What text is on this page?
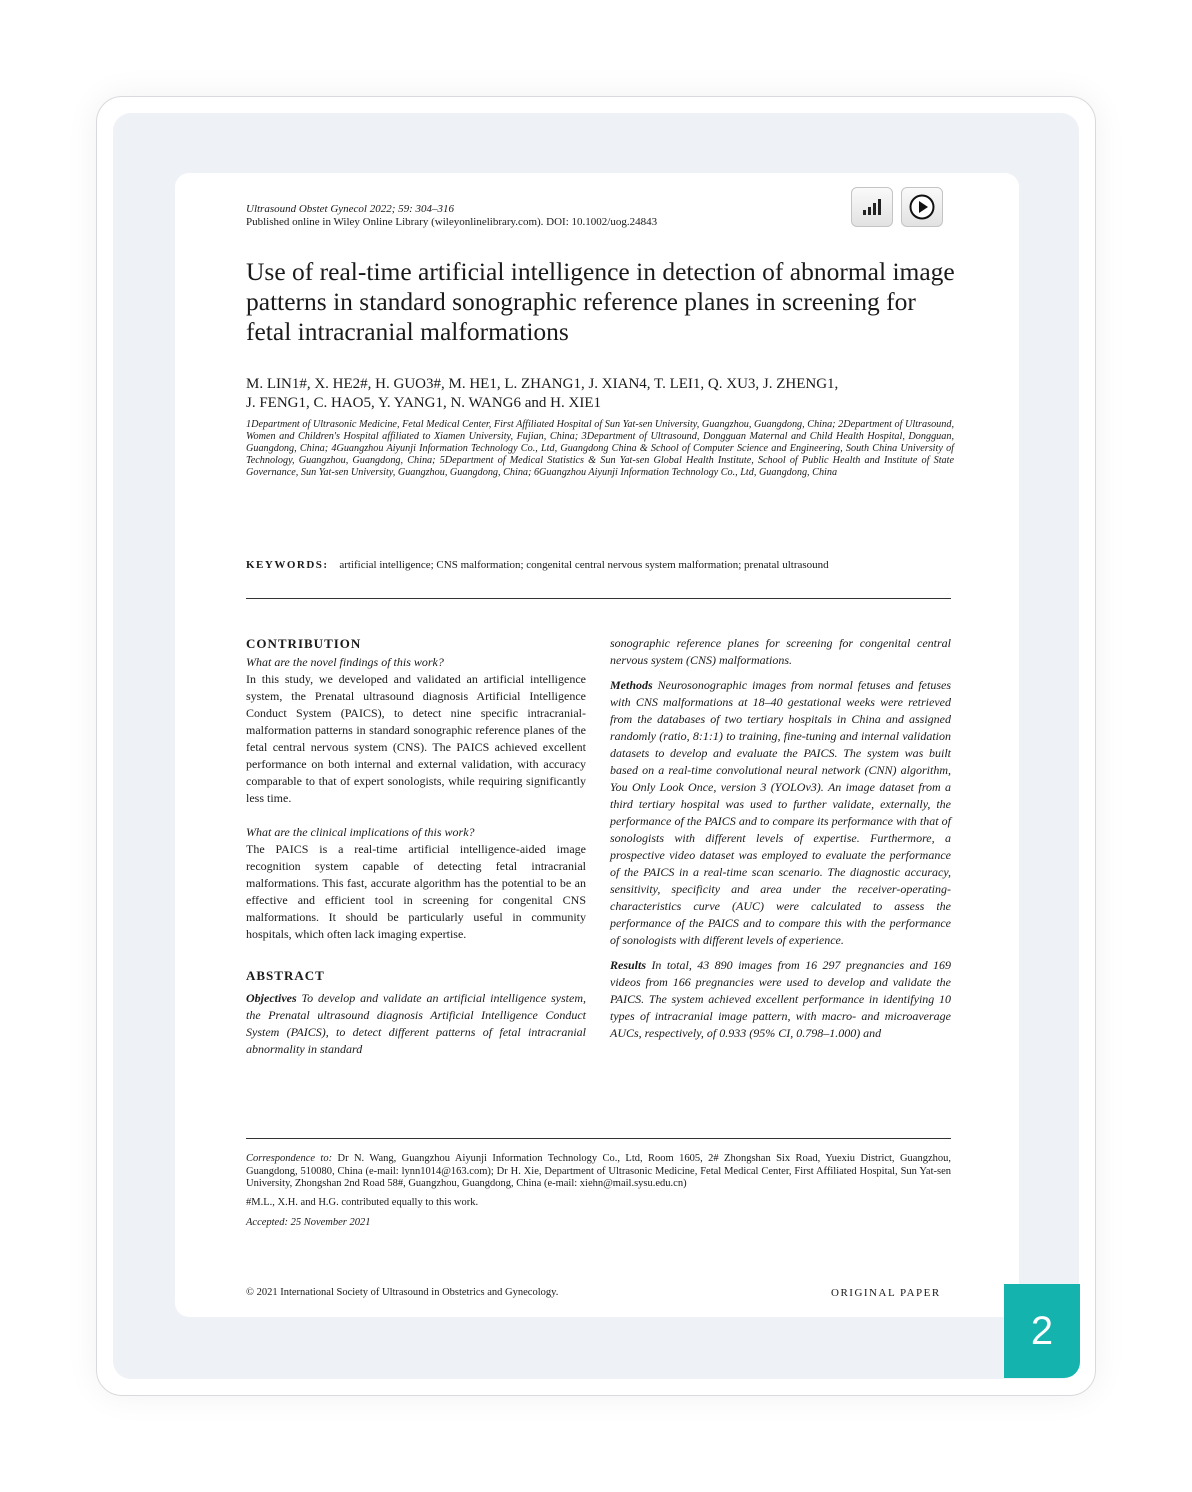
Ultrasound Obstet Gynecol 2022; 59: 304–316
Published online in Wiley Online Library (wileyonlinelibrary.com). DOI: 10.1002/uog.24843
Use of real-time artificial intelligence in detection of abnormal image patterns in standard sonographic reference planes in screening for fetal intracranial malformations
M. LIN1#, X. HE2#, H. GUO3#, M. HE1, L. ZHANG1, J. XIAN4, T. LEI1, Q. XU3, J. ZHENG1,
J. FENG1, C. HAO5, Y. YANG1, N. WANG6 and H. XIE1
1Department of Ultrasonic Medicine, Fetal Medical Center, First Affiliated Hospital of Sun Yat-sen University, Guangzhou, Guangdong, China; 2Department of Ultrasound, Women and Children's Hospital affiliated to Xiamen University, Fujian, China; 3Department of Ultrasound, Dongguan Maternal and Child Health Hospital, Dongguan, Guangdong, China; 4Guangzhou Aiyunji Information Technology Co., Ltd, Guangdong China & School of Computer Science and Engineering, South China University of Technology, Guangzhou, Guangdong, China; 5Department of Medical Statistics & Sun Yat-sen Global Health Institute, School of Public Health and Institute of State Governance, Sun Yat-sen University, Guangzhou, Guangdong, China; 6Guangzhou Aiyunji Information Technology Co., Ltd, Guangdong, China
KEYWORDS: artificial intelligence; CNS malformation; congenital central nervous system malformation; prenatal ultrasound
CONTRIBUTION
What are the novel findings of this work?
In this study, we developed and validated an artificial intelligence system, the Prenatal ultrasound diagnosis Artificial Intelligence Conduct System (PAICS), to detect nine specific intracranial-malformation patterns in standard sonographic reference planes of the fetal central nervous system (CNS). The PAICS achieved excellent performance on both internal and external validation, with accuracy comparable to that of expert sonologists, while requiring significantly less time.

What are the clinical implications of this work?

The PAICS is a real-time artificial intelligence-aided image recognition system capable of detecting fetal intracranial malformations. This fast, accurate algorithm has the potential to be an effective and efficient tool in screening for congenital CNS malformations. It should be particularly useful in community hospitals, which often lack imaging expertise.

ABSTRACT

Objectives To develop and validate an artificial intelligence system, the Prenatal ultrasound diagnosis Artificial Intelligence Conduct System (PAICS), to detect different patterns of fetal intracranial abnormality in standard

sonographic reference planes for screening for congenital central nervous system (CNS) malformations.

Methods Neurosonographic images from normal fetuses and fetuses with CNS malformations at 18–40 gestational weeks were retrieved from the databases of two tertiary hospitals in China and assigned randomly (ratio, 8:1:1) to training, fine-tuning and internal validation datasets to develop and evaluate the PAICS. The system was built based on a real-time convolutional neural network (CNN) algorithm, You Only Look Once, version 3 (YOLOv3). An image dataset from a third tertiary hospital was used to further validate, externally, the performance of the PAICS and to compare its performance with that of sonologists with different levels of expertise. Furthermore, a prospective video dataset was employed to evaluate the performance of the PAICS in a real-time scan scenario. The diagnostic accuracy, sensitivity, specificity and area under the receiver-operating-characteristics curve (AUC) were calculated to assess the performance of the PAICS and to compare this with the performance of sonologists with different levels of experience.

Results In total, 43 890 images from 16 297 pregnancies and 169 videos from 166 pregnancies were used to develop and validate the PAICS. The system achieved excellent performance in identifying 10 types of intracranial image pattern, with macro- and microaverage AUCs, respectively, of 0.933 (95% CI, 0.798–1.000) and

Correspondence to: Dr N. Wang, Guangzhou Aiyunji Information Technology Co., Ltd, Room 1605, 2# Zhongshan Six Road, Yuexiu District, Guangzhou, Guangdong, 510080, China (e-mail: lynn1014@163.com); Dr H. Xie, Department of Ultrasonic Medicine, Fetal Medical Center, First Affiliated Hospital, Sun Yat-sen University, Zhongshan 2nd Road 58#, Guangzhou, Guangdong, China (e-mail: xiehn@mail.sysu.edu.cn)

#M.L., X.H. and H.G. contributed equally to this work.

Accepted: 25 November 2021

© 2021 International Society of Ultrasound in Obstetrics and Gynecology.	ORIGINAL PAPER
2
